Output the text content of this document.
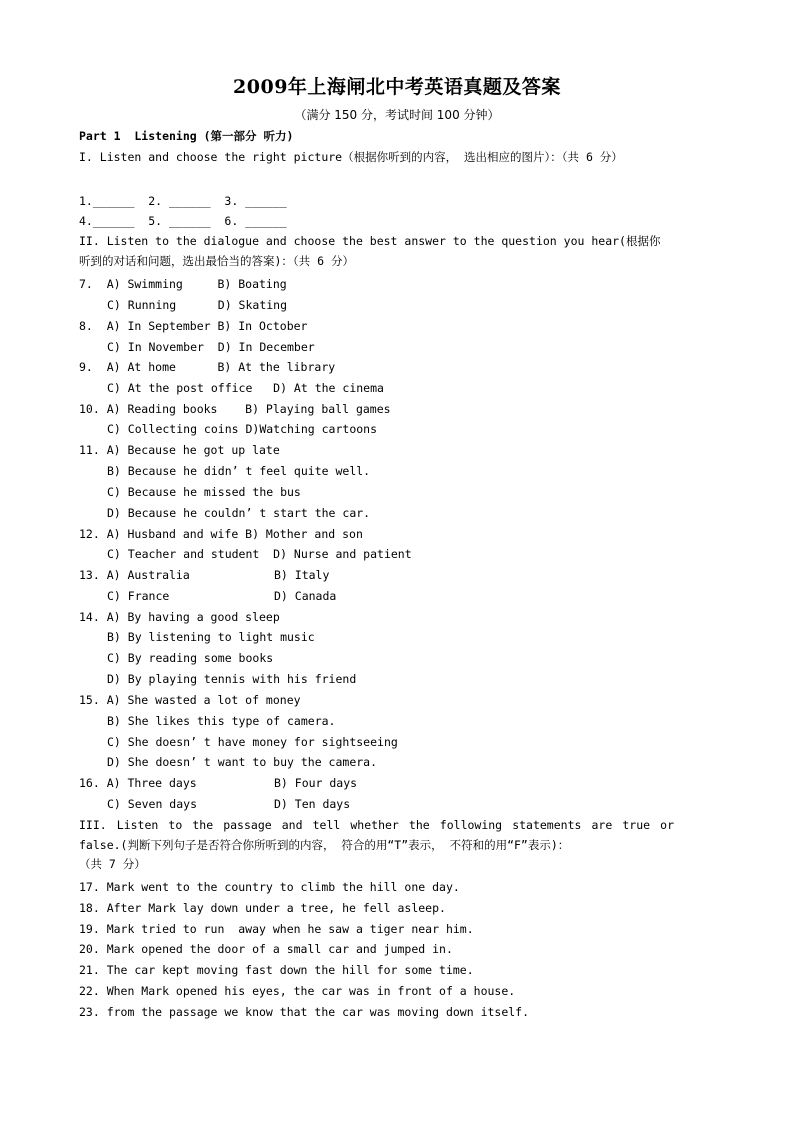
2009年上海闸北中考英语真题及答案
（满分 150 分，考试时间 100 分钟）
Part 1  Listening (第一部分 听力)
I. Listen and choose the right picture（根据你听到的内容， 选出相应的图片）：（共 6 分）
1.______  2. ______  3. ______
4.______  5. ______  6. ______
II. Listen to the dialogue and choose the best answer to the question you hear(根据你
听到的对话和问题，选出最恰当的答案)：（共 6 分）
7.  A) Swimming     B) Boating
C) Running      D) Skating
8.  A) In September B) In October
C) In November  D) In December
9.  A) At home      B) At the library
C) At the post office   D) At the cinema
10. A) Reading books    B) Playing ball games
C) Collecting coins D)Watching cartoons
11. A) Because he got up late
B) Because he didn’ t feel quite well.
C) Because he missed the bus
D) Because he couldn’ t start the car.
12. A) Husband and wife B) Mother and son
C) Teacher and student  D) Nurse and patient
13. A) Australia	B) Italy
C) France	D) Canada
14. A) By having a good sleep
B) By listening to light music
C) By reading some books
D) By playing tennis with his friend
15. A) She wasted a lot of money
B) She likes this type of camera.
C) She doesn’ t have money for sightseeing
D) She doesn’ t want to buy the camera.
16. A) Three days	B) Four days
C) Seven days	D) Ten days
III. Listen to the passage and tell whether the following statements are true or
false.(判断下列句子是否符合你所听到的内容， 符合的用“T”表示， 不符和的用“F”表示)：
（共 7 分）
17. Mark went to the country to climb the hill one day.
18. After Mark lay down under a tree, he fell asleep.
19. Mark tried to run  away when he saw a tiger near him.
20. Mark opened the door of a small car and jumped in.
21. The car kept moving fast down the hill for some time.
22. When Mark opened his eyes, the car was in front of a house.
23. from the passage we know that the car was moving down itself.
